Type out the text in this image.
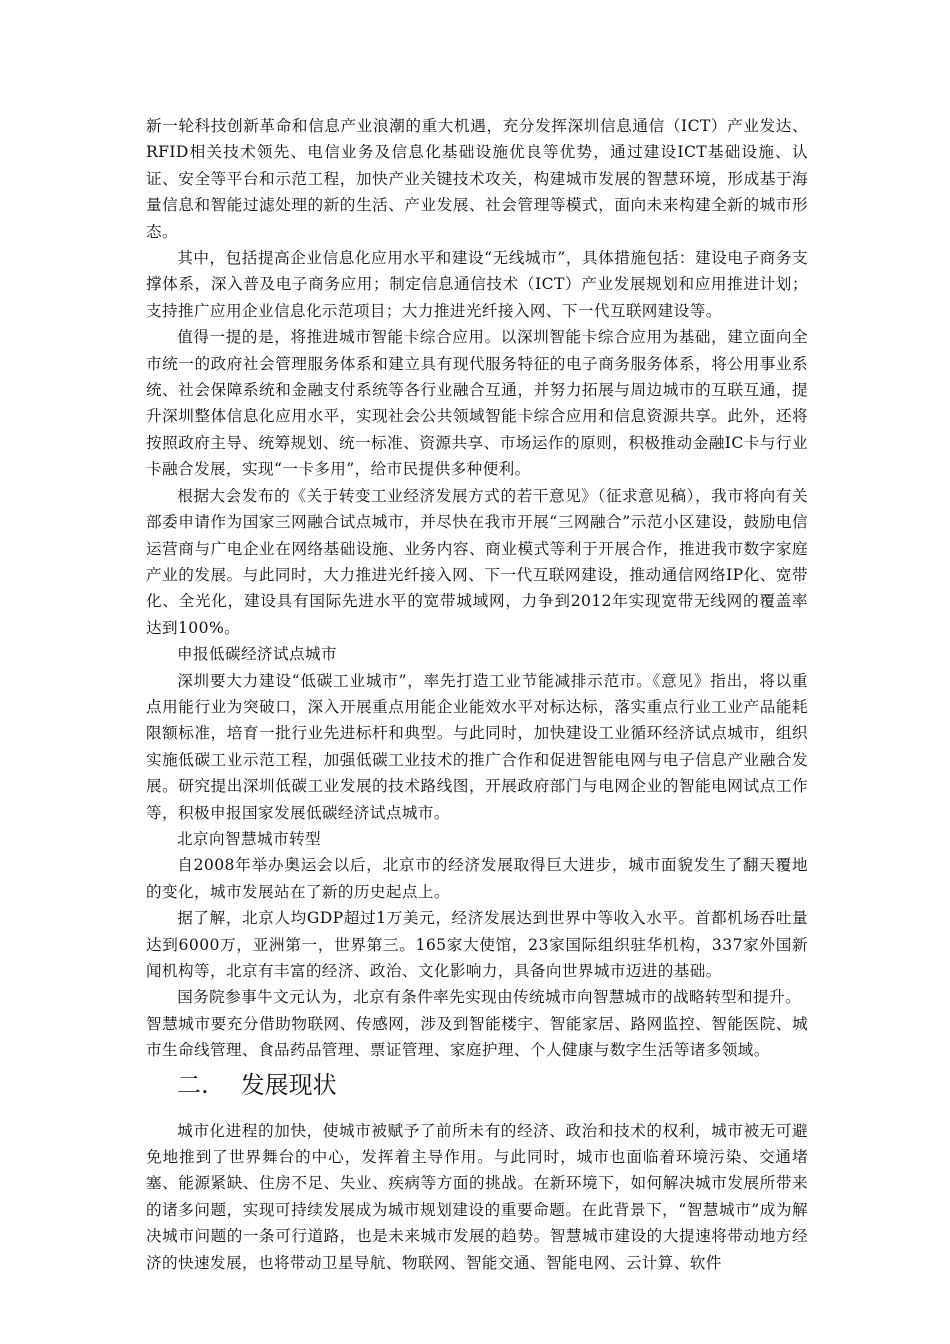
新一轮科技创新革命和信息产业浪潮的重大机遇，充分发挥深圳信息通信（ICT）产业发达、RFID相关技术领先、电信业务及信息化基础设施优良等优势，通过建设ICT基础设施、认证、安全等平台和示范工程，加快产业关键技术攻关，构建城市发展的智慧环境，形成基于海量信息和智能过滤处理的新的生活、产业发展、社会管理等模式，面向未来构建全新的城市形态。

其中，包括提高企业信息化应用水平和建设“无线城市”，具体措施包括：建设电子商务支撑体系，深入普及电子商务应用；制定信息通信技术（ICT）产业发展规划和应用推进计划；支持推广应用企业信息化示范项目；大力推进光纤接入网、下一代互联网建设等。

值得一提的是，将推进城市智能卡综合应用。以深圳智能卡综合应用为基础，建立面向全市统一的政府社会管理服务体系和建立具有现代服务特征的电子商务服务体系，将公用事业系统、社会保障系统和金融支付系统等各行业融合互通，并努力拓展与周边城市的互联互通，提升深圳整体信息化应用水平，实现社会公共领域智能卡综合应用和信息资源共享。此外，还将按照政府主导、统筹规划、统一标准、资源共享、市场运作的原则，积极推动金融IC卡与行业卡融合发展，实现“一卡多用”，给市民提供多种便利。

根据大会发布的《关于转变工业经济发展方式的若干意见》（征求意见稿），我市将向有关部委申请作为国家三网融合试点城市，并尽快在我市开展“三网融合”示范小区建设，鼓励电信运营商与广电企业在网络基础设施、业务内容、商业模式等利于开展合作，推进我市数字家庭产业的发展。与此同时，大力推进光纤接入网、下一代互联网建设，推动通信网络IP化、宽带化、全光化，建设具有国际先进水平的宽带城域网，力争到2012年实现宽带无线网的覆盖率达到100%。

申报低碳经济试点城市

深圳要大力建设“低碳工业城市”，率先打造工业节能减排示范市。《意见》指出，将以重点用能行业为突破口，深入开展重点用能企业能效水平对标达标，落实重点行业工业产品能耗限额标准，培育一批行业先进标杆和典型。与此同时，加快建设工业循环经济试点城市，组织实施低碳工业示范工程，加强低碳工业技术的推广合作和促进智能电网与电子信息产业融合发展。研究提出深圳低碳工业发展的技术路线图，开展政府部门与电网企业的智能电网试点工作等，积极申报国家发展低碳经济试点城市。

北京向智慧城市转型

自2008年举办奥运会以后，北京市的经济发展取得巨大进步，城市面貌发生了翻天覆地的变化，城市发展站在了新的历史起点上。

据了解，北京人均GDP超过1万美元，经济发展达到世界中等收入水平。首都机场吞吐量达到6000万，亚洲第一，世界第三。165家大使馆，23家国际组织驻华机构，337家外国新闻机构等，北京有丰富的经济、政治、文化影响力，具备向世界城市迈进的基础。

国务院参事牛文元认为，北京有条件率先实现由传统城市向智慧城市的战略转型和提升。

智慧城市要充分借助物联网、传感网，涉及到智能楼宇、智能家居、路网监控、智能医院、城市生命线管理、食品药品管理、票证管理、家庭护理、个人健康与数字生活等诸多领域。

二. 发展现状

城市化进程的加快，使城市被赋予了前所未有的经济、政治和技术的权利，城市被无可避免地推到了世界舞台的中心，发挥着主导作用。与此同时，城市也面临着环境污染、交通堵塞、能源紧缺、住房不足、失业、疾病等方面的挑战。在新环境下，如何解决城市发展所带来的诸多问题，实现可持续发展成为城市规划建设的重要命题。在此背景下，“智慧城市”成为解决城市问题的一条可行道路，也是未来城市发展的趋势。智慧城市建设的大提速将带动地方经济的快速发展，也将带动卫星导航、物联网、智能交通、智能电网、云计算、软件
